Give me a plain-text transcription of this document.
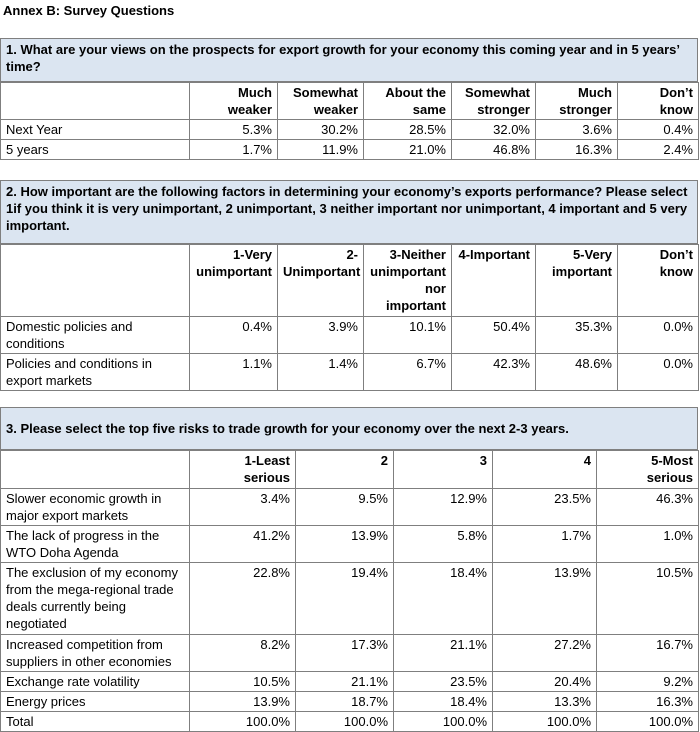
Annex B: Survey Questions
1. What are your views on the prospects for export growth for your economy this coming year and in 5 years’ time?
	Much weaker	Somewhat weaker	About the same	Somewhat stronger	Much stronger	Don’t know
Next Year	5.3%	30.2%	28.5%	32.0%	3.6%	0.4%
5 years	1.7%	11.9%	21.0%	46.8%	16.3%	2.4%
2. How important are the following factors in determining your economy’s exports performance? Please select 1if you think it is very unimportant, 2 unimportant, 3 neither important nor unimportant, 4 important and 5 very important.
	1-Very unimportant	2-Unimportant	3-Neither unimportant nor important	4-Important	5-Very important	Don’t know
Domestic policies and conditions	0.4%	3.9%	10.1%	50.4%	35.3%	0.0%
Policies and conditions in export markets	1.1%	1.4%	6.7%	42.3%	48.6%	0.0%
3. Please select the top five risks to trade growth for your economy over the next 2-3 years.
	1-Least serious	2	3	4	5-Most serious
Slower economic growth in major export markets	3.4%	9.5%	12.9%	23.5%	46.3%
The lack of progress in the WTO Doha Agenda	41.2%	13.9%	5.8%	1.7%	1.0%
The exclusion of my economy from the mega-regional trade deals currently being negotiated	22.8%	19.4%	18.4%	13.9%	10.5%
Increased competition from suppliers in other economies	8.2%	17.3%	21.1%	27.2%	16.7%
Exchange rate volatility	10.5%	21.1%	23.5%	20.4%	9.2%
Energy prices	13.9%	18.7%	18.4%	13.3%	16.3%
Total	100.0%	100.0%	100.0%	100.0%	100.0%
